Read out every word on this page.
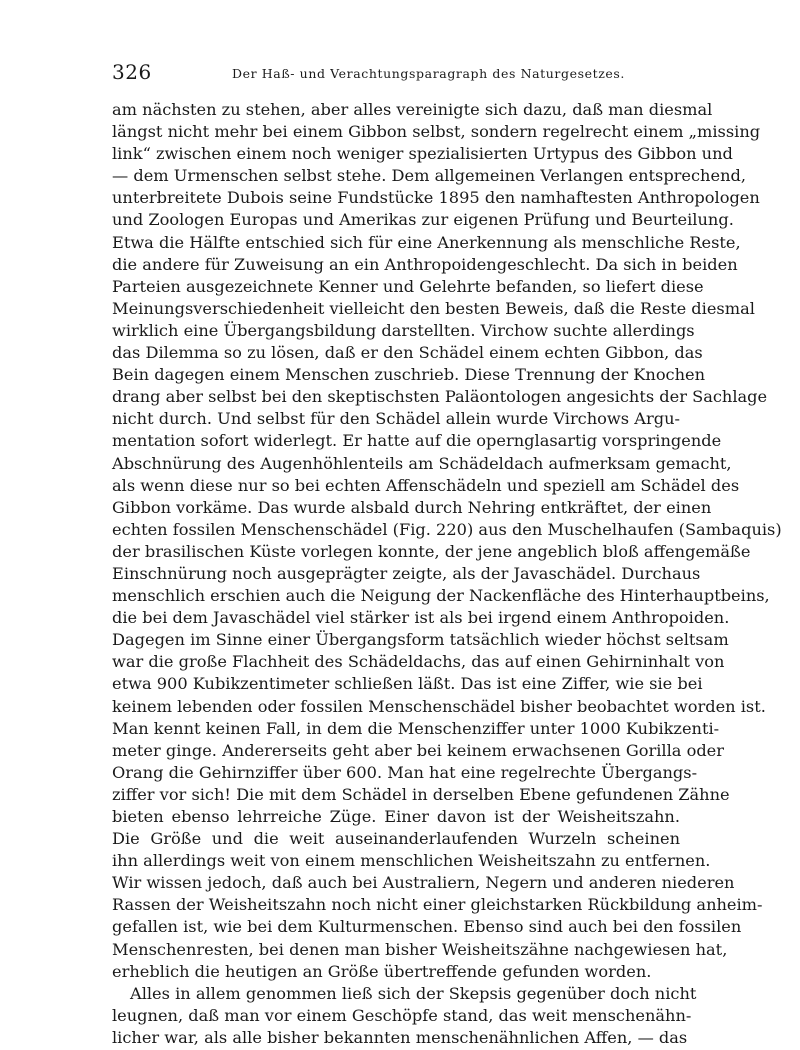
326	Der Haß- und Verachtungsparagraph des Naturgesetzes.
am nächsten zu stehen, aber alles vereinigte sich dazu, daß man diesmal
längst nicht mehr bei einem Gibbon selbst, sondern regelrecht einem „missing
link“ zwischen einem noch weniger spezialisierten Urtypus des Gibbon und
— dem Urmenschen selbst stehe. Dem allgemeinen Verlangen entsprechend,
unterbreitete Dubois seine Fundstücke 1895 den namhaftesten Anthropologen
und Zoologen Europas und Amerikas zur eigenen Prüfung und Beurteilung.
Etwa die Hälfte entschied sich für eine Anerkennung als menschliche Reste,
die andere für Zuweisung an ein Anthropoidengeschlecht. Da sich in beiden
Parteien ausgezeichnete Kenner und Gelehrte befanden, so liefert diese
Meinungsverschiedenheit vielleicht den besten Beweis, daß die Reste diesmal
wirklich eine Übergangsbildung darstellten. Virchow suchte allerdings
das Dilemma so zu lösen, daß er den Schädel einem echten Gibbon, das
Bein dagegen einem Menschen zuschrieb. Diese Trennung der Knochen
drang aber selbst bei den skeptischsten Paläontologen angesichts der Sachlage
nicht durch. Und selbst für den Schädel allein wurde Virchows Argu-
mentation sofort widerlegt. Er hatte auf die opernglasartig vorspringende
Abschnürung des Augenhöhlenteils am Schädeldach aufmerksam gemacht,
als wenn diese nur so bei echten Affenschädeln und speziell am Schädel des
Gibbon vorkäme. Das wurde alsbald durch Nehring entkräftet, der einen
echten fossilen Menschenschädel (Fig. 220) aus den Muschelhaufen (Sambaquis)
der brasilischen Küste vorlegen konnte, der jene angeblich bloß affengemäße
Einschnürung noch ausgeprägter zeigte, als der Javaschädel. Durchaus
menschlich erschien auch die Neigung der Nackenfläche des Hinterhauptbeins,
die bei dem Javaschädel viel stärker ist als bei irgend einem Anthropoiden.
Dagegen im Sinne einer Übergangsform tatsächlich wieder höchst seltsam
war die große Flachheit des Schädeldachs, das auf einen Gehirninhalt von
etwa 900 Kubikzentimeter schließen läßt. Das ist eine Ziffer, wie sie bei
keinem lebenden oder fossilen Menschenschädel bisher beobachtet worden ist.
Man kennt keinen Fall, in dem die Menschenziffer unter 1000 Kubikzenti-
meter ginge. Andererseits geht aber bei keinem erwachsenen Gorilla oder
Orang die Gehirnziffer über 600. Man hat eine regelrechte Übergangs-
ziffer vor sich! Die mit dem Schädel in derselben Ebene gefundenen Zähne
bieten ebenso lehrreiche Züge. Einer davon ist der Weisheitszahn.
Die Größe und die weit auseinanderlaufenden Wurzeln scheinen
ihn allerdings weit von einem menschlichen Weisheitszahn zu entfernen.
Wir wissen jedoch, daß auch bei Australiern, Negern und anderen niederen
Rassen der Weisheitszahn noch nicht einer gleichstarken Rückbildung anheim-
gefallen ist, wie bei dem Kulturmenschen. Ebenso sind auch bei den fossilen
Menschenresten, bei denen man bisher Weisheitszähne nachgewiesen hat,
erheblich die heutigen an Größe übertreffende gefunden worden.
Alles in allem genommen ließ sich der Skepsis gegenüber doch nicht
leugnen, daß man vor einem Geschöpfe stand, das weit menschenähn-
licher war, als alle bisher bekannten menschenähnlichen Affen, — das
